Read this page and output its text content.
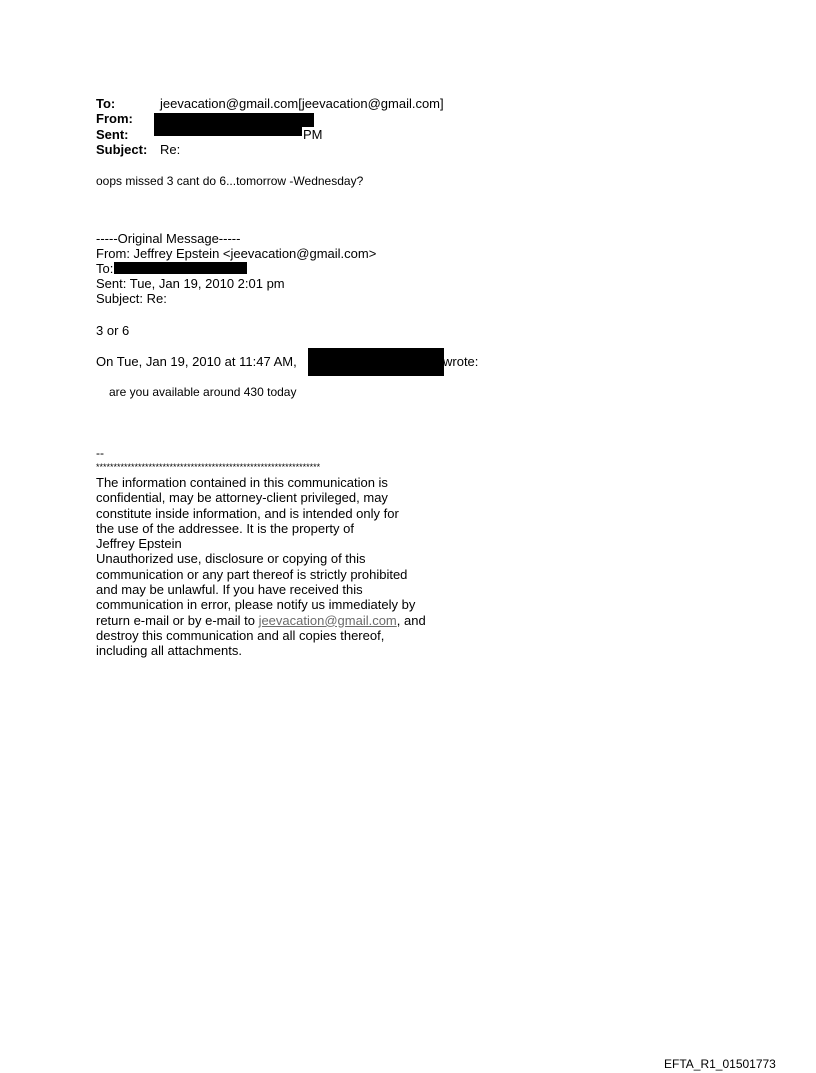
To:	jeevacation@gmail.com[jeevacation@gmail.com]
From:
Sent:	PM
Subject: Re:
oops missed 3 cant do 6...tomorrow -Wednesday?
-----Original Message-----
From: Jeffrey Epstein <jeevacation@gmail.com>
To:
Sent: Tue, Jan 19, 2010 2:01 pm
Subject: Re:
3 or 6
On Tue, Jan 19, 2010 at 11:47 AM,	wrote:
are you available around 430 today
--
****************************************************************
The information contained in this communication is
confidential, may be attorney-client privileged, may
constitute inside information, and is intended only for
the use of the addressee. It is the property of
Jeffrey Epstein
Unauthorized use, disclosure or copying of this
communication or any part thereof is strictly prohibited
and may be unlawful. If you have received this
communication in error, please notify us immediately by
return e-mail or by e-mail to jeevacation@gmail.com, and
destroy this communication and all copies thereof,
including all attachments.
EFTA_R1_01501773
